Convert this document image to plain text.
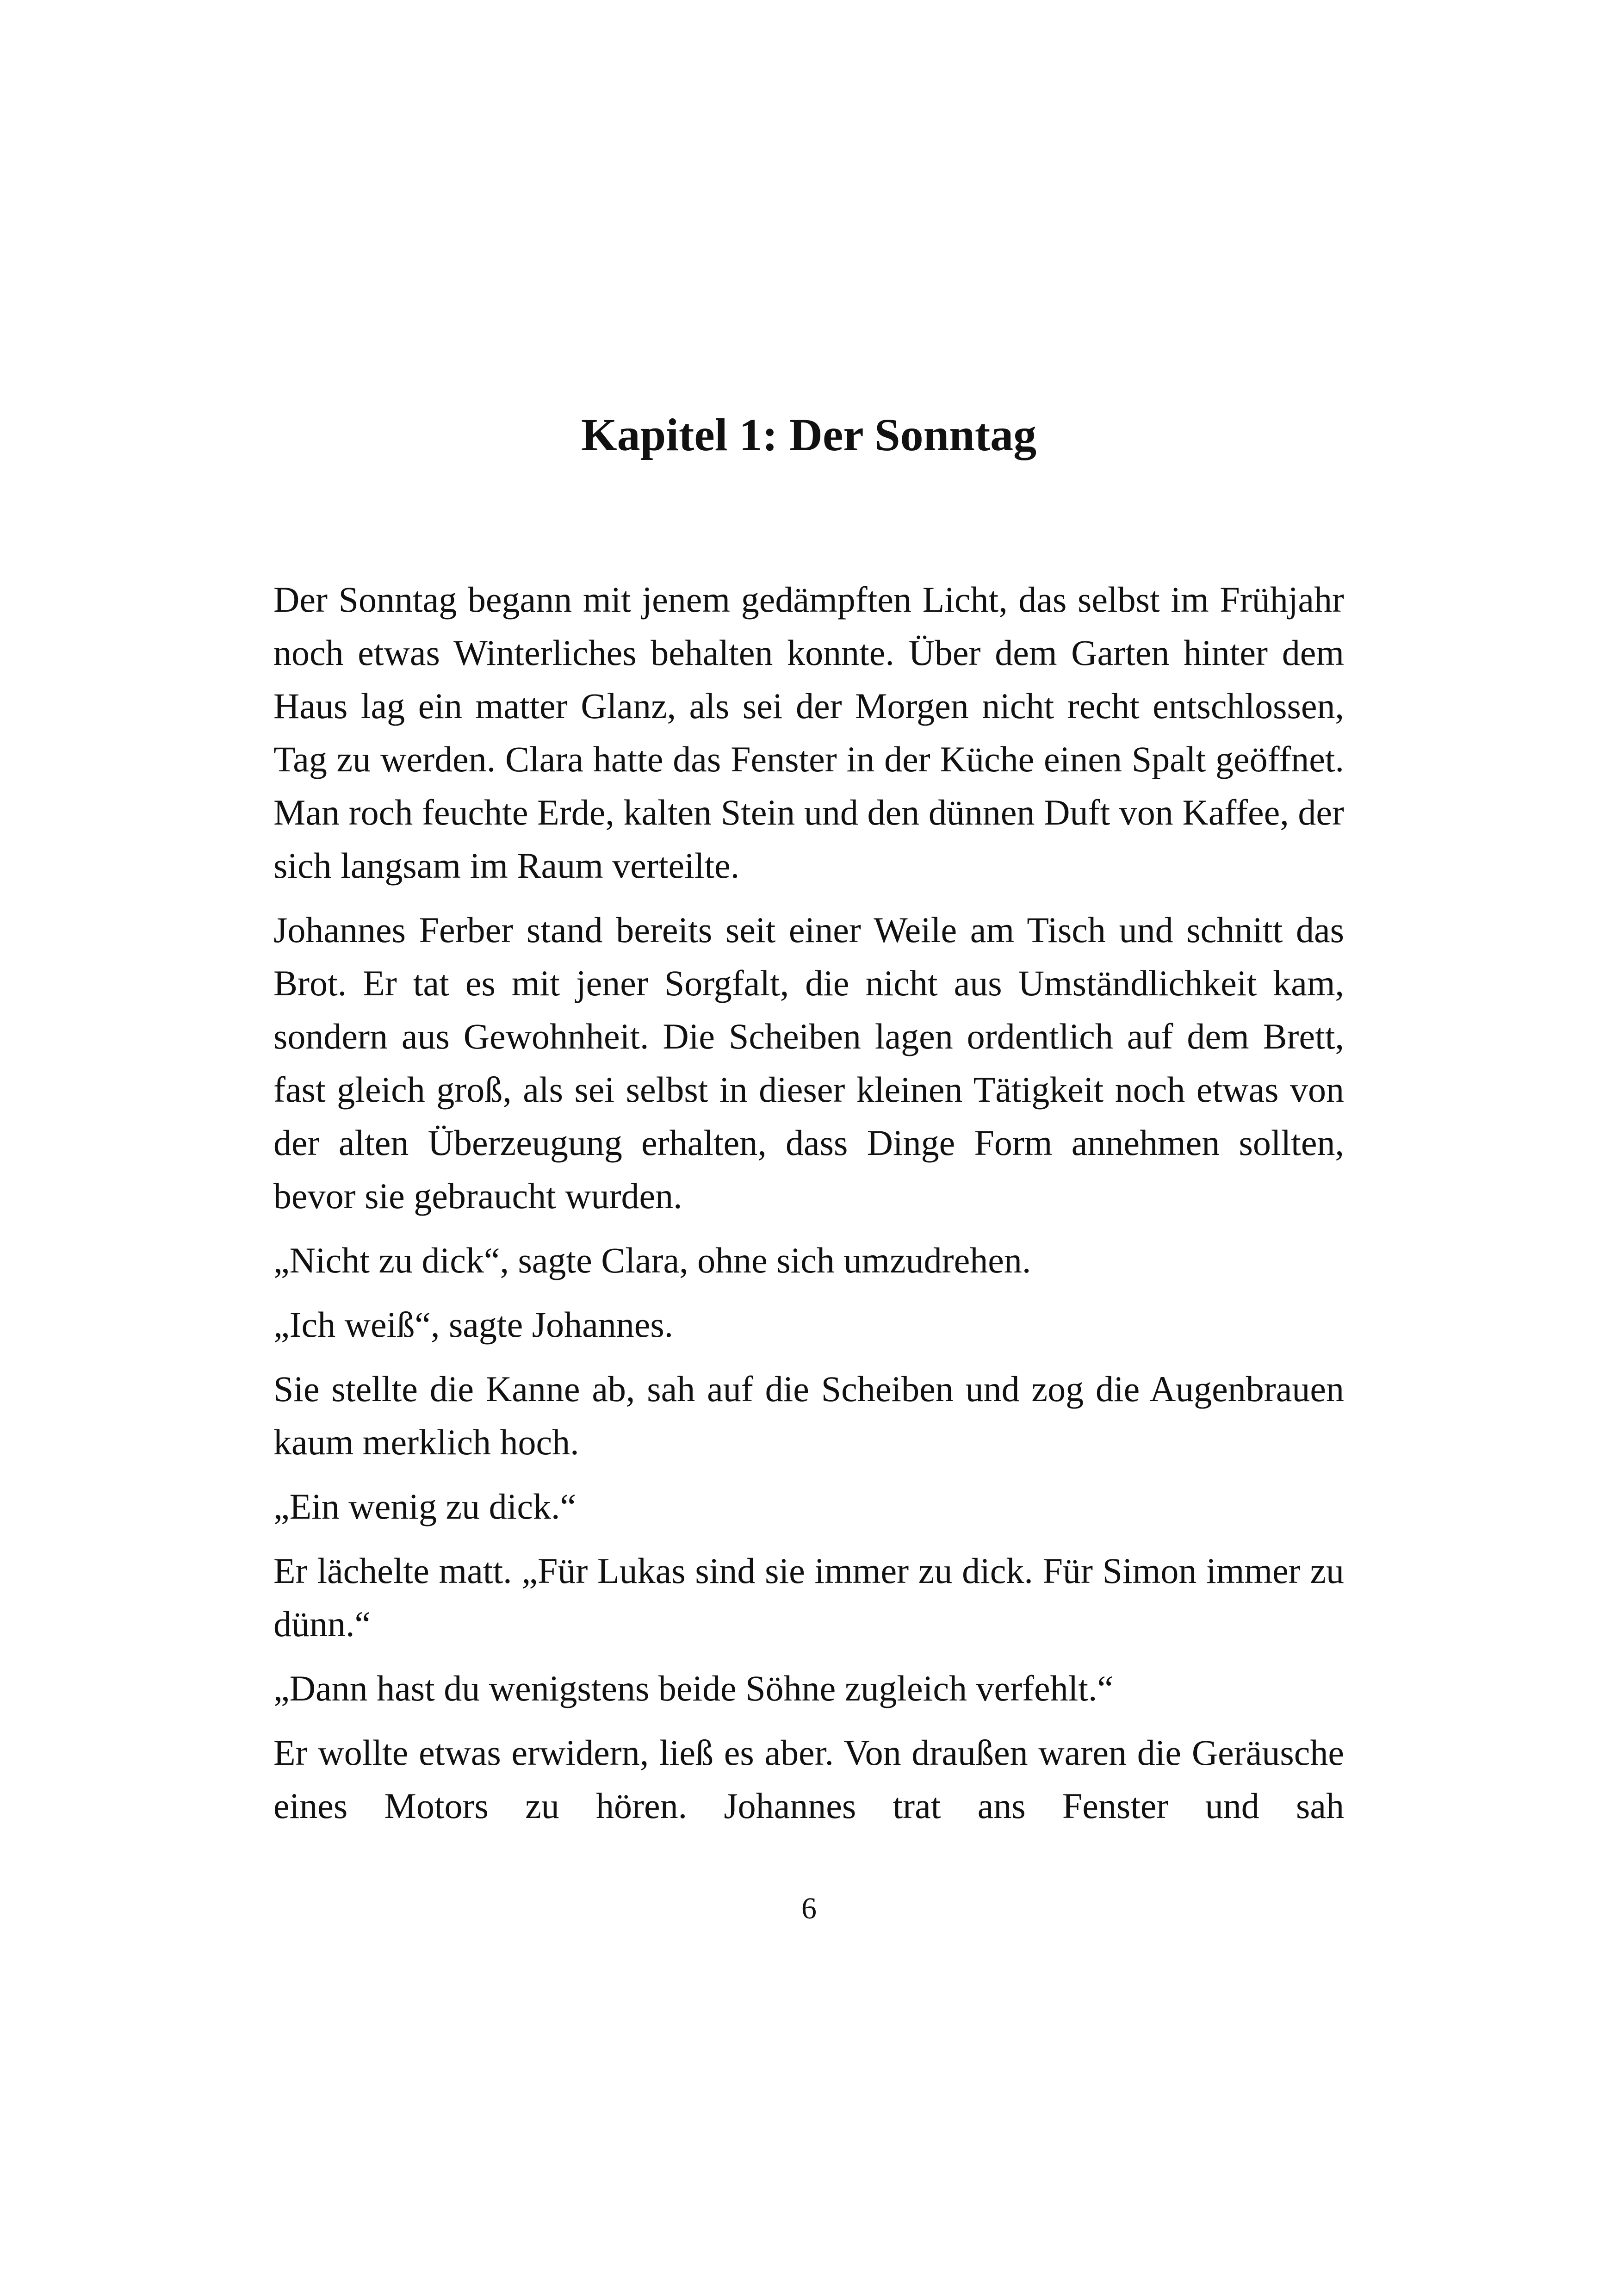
Kapitel 1: Der Sonntag

Der Sonntag begann mit jenem gedämpften Licht, das selbst im Frühjahr noch etwas Winterliches behalten konnte. Über dem Garten hinter dem Haus lag ein matter Glanz, als sei der Morgen nicht recht entschlossen, Tag zu werden. Clara hatte das Fenster in der Küche einen Spalt geöffnet. Man roch feuchte Erde, kalten Stein und den dünnen Duft von Kaffee, der sich langsam im Raum verteilte.

Johannes Ferber stand bereits seit einer Weile am Tisch und schnitt das Brot. Er tat es mit jener Sorgfalt, die nicht aus Umständlichkeit kam, sondern aus Gewohnheit. Die Scheiben lagen ordentlich auf dem Brett, fast gleich groß, als sei selbst in dieser kleinen Tätigkeit noch etwas von der alten Überzeugung erhalten, dass Dinge Form annehmen sollten, bevor sie gebraucht wurden.

„Nicht zu dick“, sagte Clara, ohne sich umzudrehen.

„Ich weiß“, sagte Johannes.

Sie stellte die Kanne ab, sah auf die Scheiben und zog die Augenbrauen kaum merklich hoch.

„Ein wenig zu dick.“

Er lächelte matt. „Für Lukas sind sie immer zu dick. Für Simon immer zu dünn.“

„Dann hast du wenigstens beide Söhne zugleich verfehlt.“

Er wollte etwas erwidern, ließ es aber. Von draußen waren die Geräusche eines Motors zu hören. Johannes trat ans Fenster und sah

6
